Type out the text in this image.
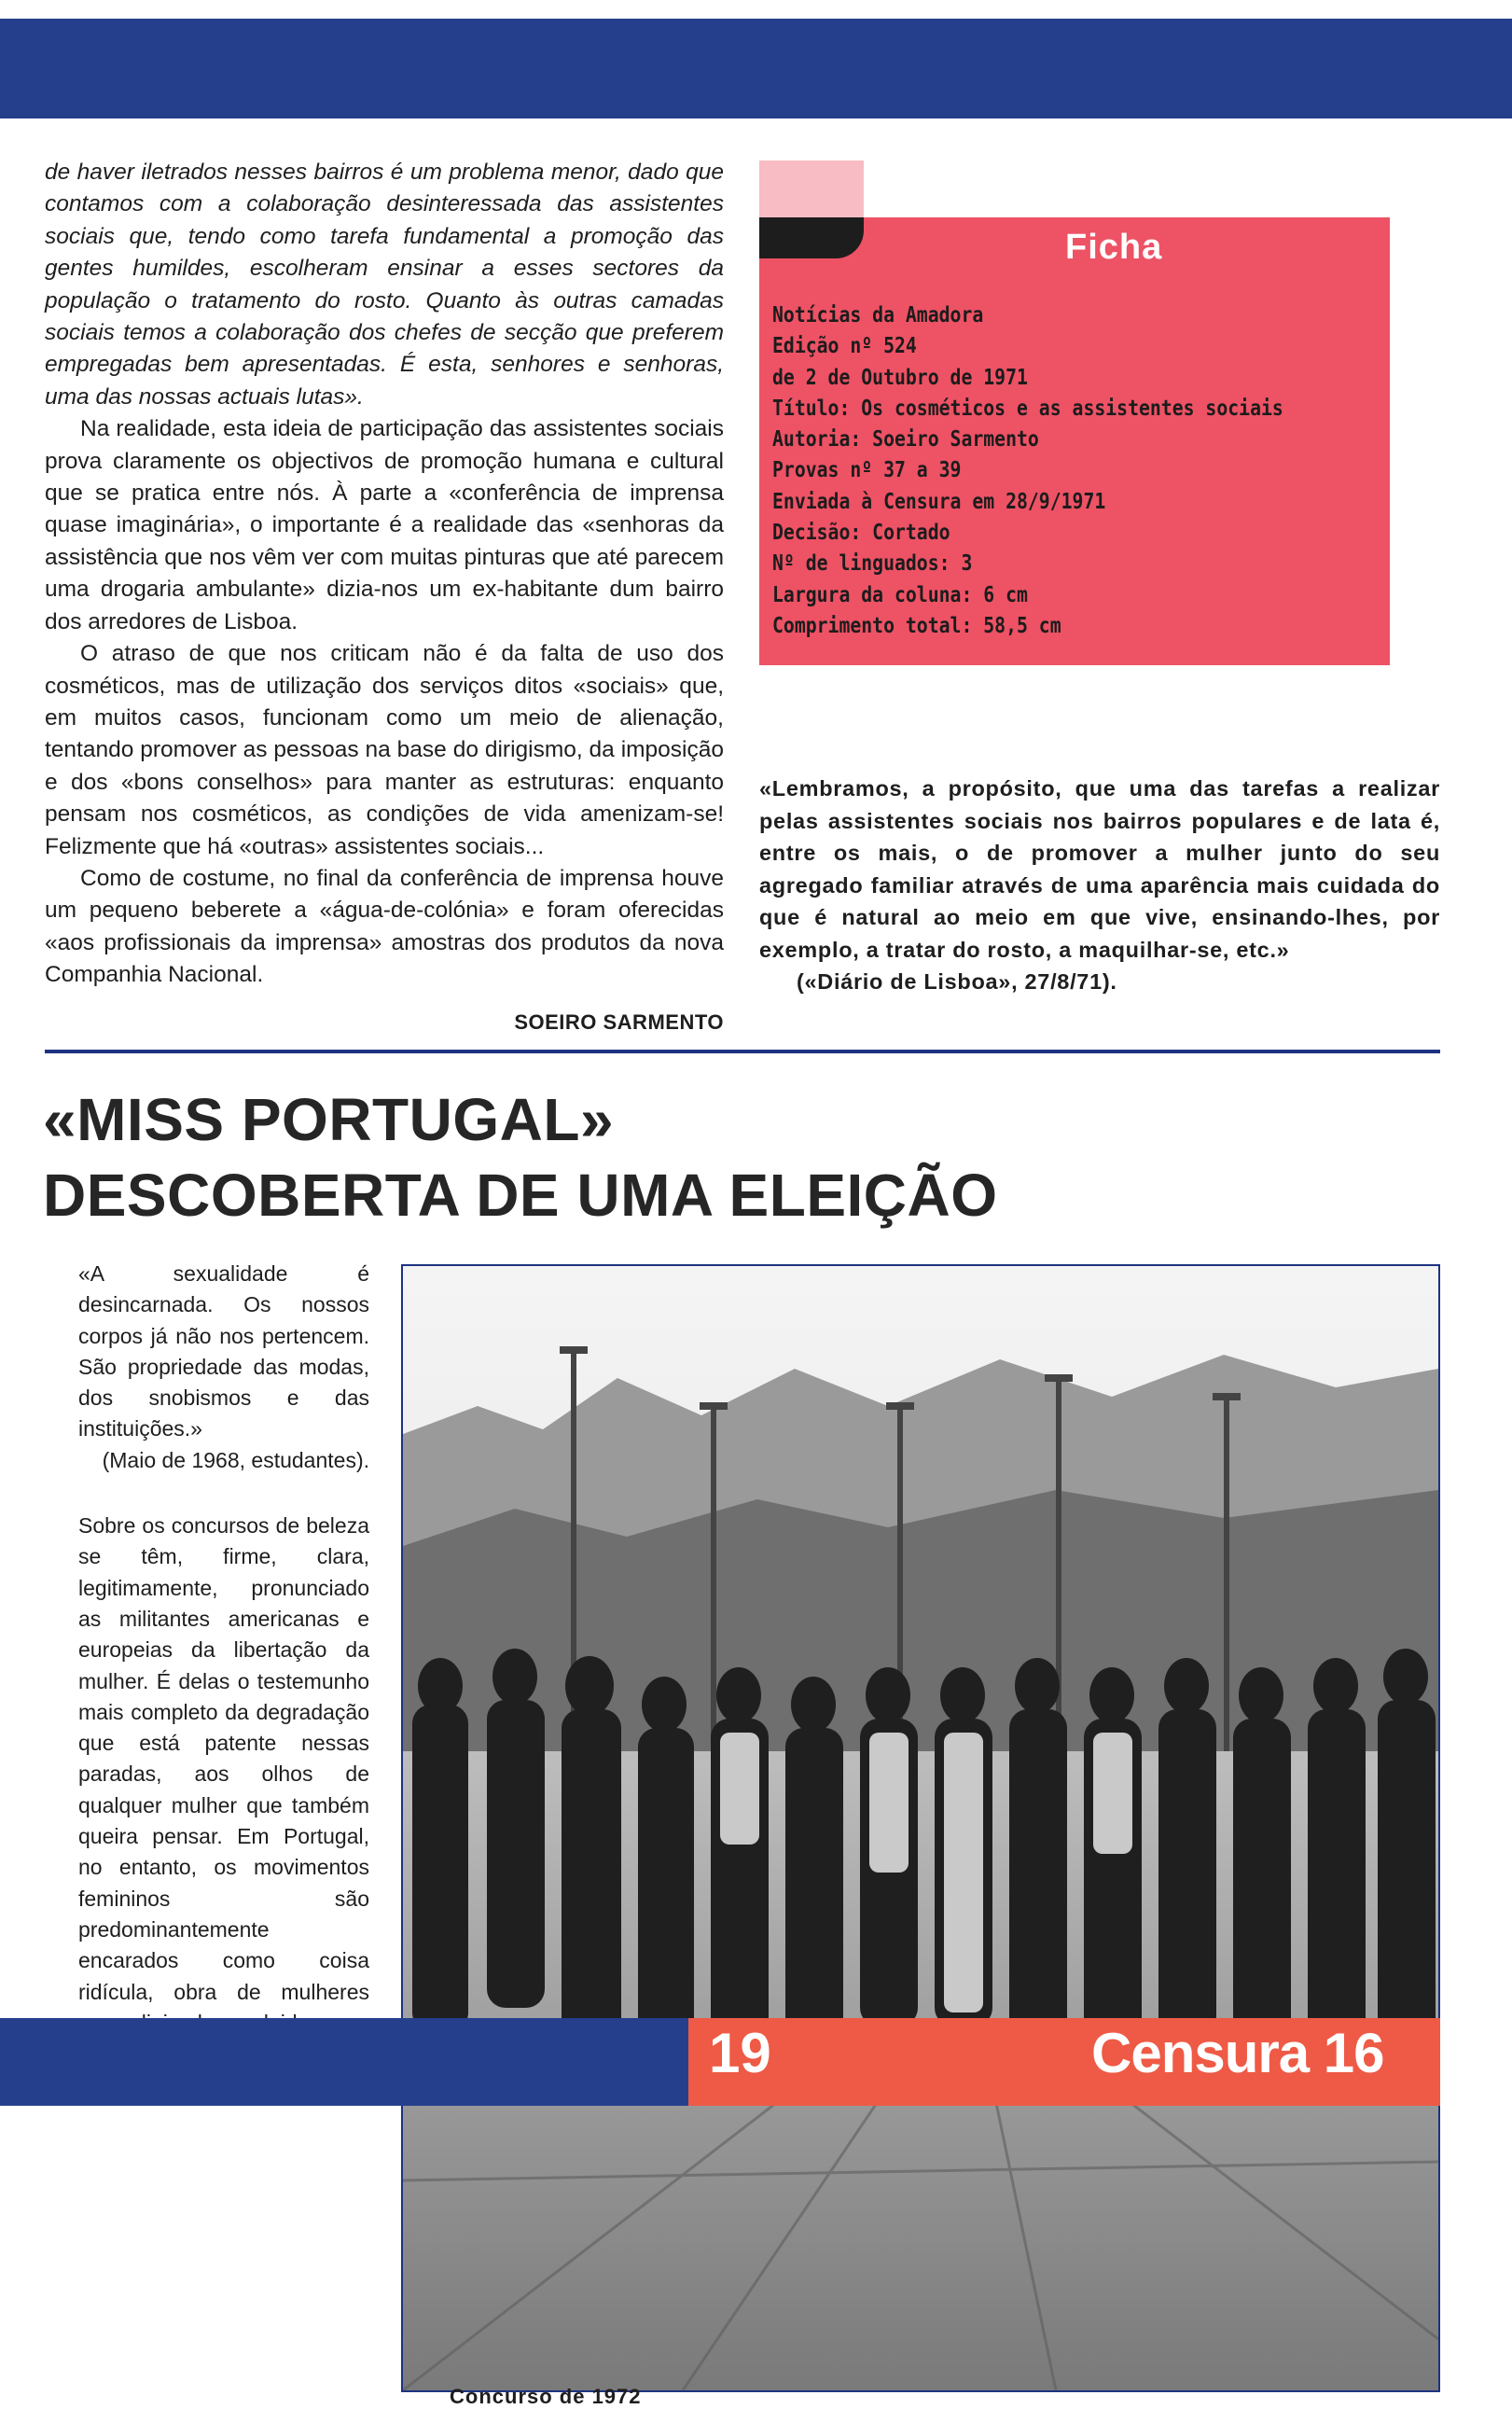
de haver iletrados nesses bairros é um problema menor, dado que contamos com a colaboração desinteressada das assistentes sociais que, tendo como tarefa fundamental a promoção das gentes humildes, escolheram ensinar a esses sectores da população o tratamento do rosto. Quanto às outras camadas sociais temos a colaboração dos chefes de secção que preferem empregadas bem apresentadas. É esta, senhores e senhoras, uma das nossas actuais lutas».

Na realidade, esta ideia de participação das assistentes sociais prova claramente os objectivos de promoção humana e cultural que se pratica entre nós. À parte a «conferência de imprensa quase imaginária», o importante é a realidade das «senhoras da assistência que nos vêm ver com muitas pinturas que até parecem uma drogaria ambulante» dizia-nos um ex-habitante dum bairro dos arredores de Lisboa.

O atraso de que nos criticam não é da falta de uso dos cosméticos, mas de utilização dos serviços ditos «sociais» que, em muitos casos, funcionam como um meio de alienação, tentando promover as pessoas na base do dirigismo, da imposição e dos «bons conselhos» para manter as estruturas: enquanto pensam nos cosméticos, as condições de vida amenizam-se! Felizmente que há «outras» assistentes sociais...

Como de costume, no final da conferência de imprensa houve um pequeno beberete a «água-de-colónia» e foram oferecidas «aos profissionais da imprensa» amostras dos produtos da nova Companhia Nacional.

SOEIRO SARMENTO

Ficha
Notícias da Amadora
Edição nº 524
de 2 de Outubro de 1971
Título: Os cosméticos e as assistentes sociais
Autoria: Soeiro Sarmento
Provas nº 37 a 39
Enviada à Censura em 28/9/1971
Decisão: Cortado
Nº de linguados: 3
Largura da coluna: 6 cm
Comprimento total: 58,5 cm
«Lembramos, a propósito, que uma das tarefas a realizar pelas assistentes sociais nos bairros populares e de lata é, entre os mais, o de promover a mulher junto do seu agregado familiar através de uma aparência mais cuidada do que é natural ao meio em que vive, ensinando-lhes, por exemplo, a tratar do rosto, a maquilhar-se, etc.»
(«Diário de Lisboa», 27/8/71).
«MISS PORTUGAL»
DESCOBERTA DE UMA ELEIÇÃO

«A sexualidade é desincarnada. Os nossos corpos já não nos pertencem. São propriedade das modas, dos snobismos e das instituições.»

(Maio de 1968, estudantes).

Sobre os concursos de beleza se têm, firme, clara, legitimamente, pronunciado as militantes americanas e europeias da libertação da mulher. É delas o testemunho mais completo da degradação que está patente nessas paradas, aos olhos de qualquer mulher que também queira pensar. Em Portugal, no entanto, os movimentos femininos são predominantemente encarados como coisa ridícula, obra de mulheres

Concurso de 1972
19	Censura 16
